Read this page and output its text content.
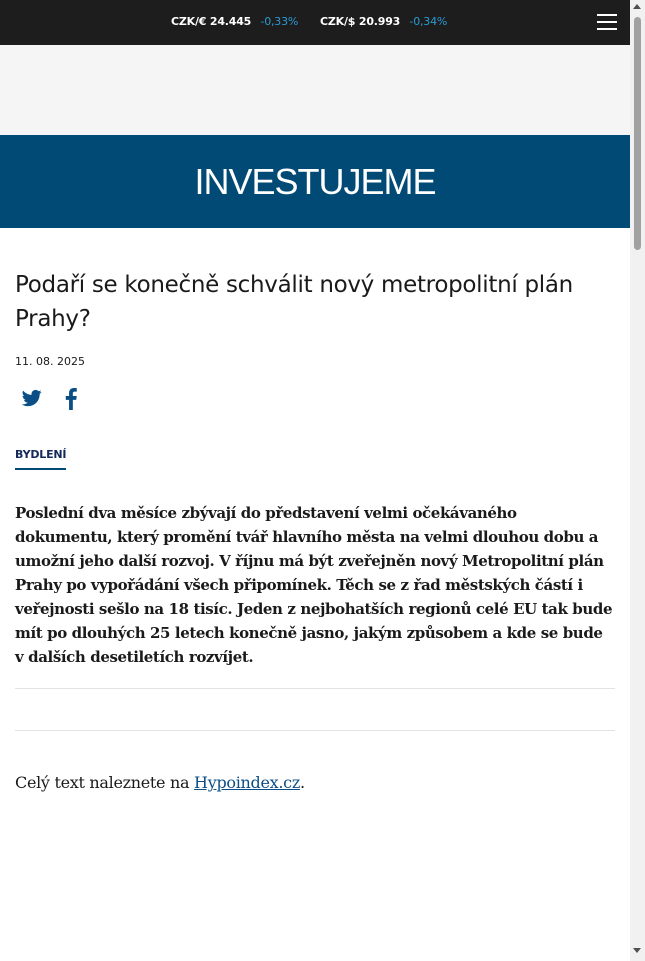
CZK/€ 24.445 -0,33% CZK/$ 20.993 -0,34%
INVESTUJEME
Podaří se konečně schválit nový metropolitní plán Prahy?
11. 08. 2025
BYDLENÍ

Poslední dva měsíce zbývají do představení velmi očekávaného dokumentu, který promění tvář hlavního města na velmi dlouhou dobu a umožní jeho další rozvoj. V říjnu má být zveřejněn nový Metropolitní plán Prahy po vypořádání všech připomínek. Těch se z řad městských částí i veřejnosti sešlo na 18 tisíc. Jeden z nejbohatších regionů celé EU tak bude mít po dlouhých 25 letech konečně jasno, jakým způsobem a kde se bude v dalších desetiletích rozvíjet.

Celý text naleznete na Hypoindex.cz.
